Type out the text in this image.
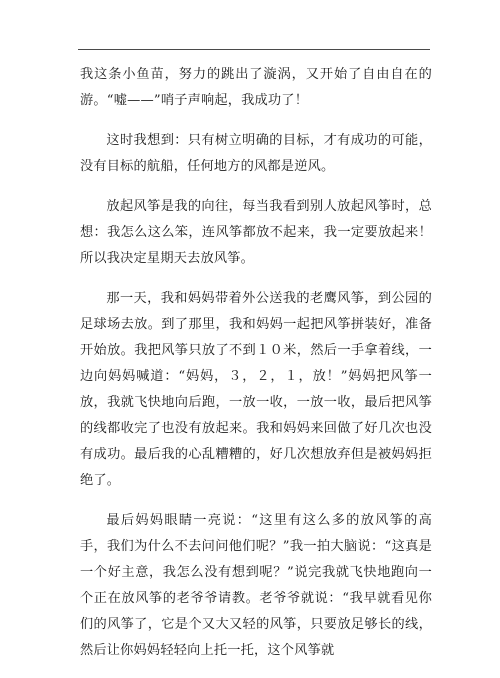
我这条小鱼苗，努力的跳出了漩涡，又开始了自由自在的游。“嘘——”哨子声响起，我成功了！

这时我想到：只有树立明确的目标，才有成功的可能，没有目标的航船，任何地方的风都是逆风。

放起风筝是我的向往，每当我看到别人放起风筝时，总想：我怎么这么笨，连风筝都放不起来，我一定要放起来！所以我决定星期天去放风筝。

那一天，我和妈妈带着外公送我的老鹰风筝，到公园的足球场去放。到了那里，我和妈妈一起把风筝拼装好，准备开始放。我把风筝只放了不到１０米，然后一手拿着线，一边向妈妈喊道：“妈妈，３，２，１，放！”妈妈把风筝一放，我就飞快地向后跑，一放一收，一放一收，最后把风筝的线都收完了也没有放起来。我和妈妈来回做了好几次也没有成功。最后我的心乱糟糟的，好几次想放弃但是被妈妈拒绝了。

最后妈妈眼睛一亮说：“这里有这么多的放风筝的高手，我们为什么不去问问他们呢？”我一拍大脑说：“这真是一个好主意，我怎么没有想到呢？”说完我就飞快地跑向一个正在放风筝的老爷爷请教。老爷爷就说：“我早就看见你们的风筝了，它是个又大又轻的风筝，只要放足够长的线，然后让你妈妈轻轻向上托一托，这个风筝就
